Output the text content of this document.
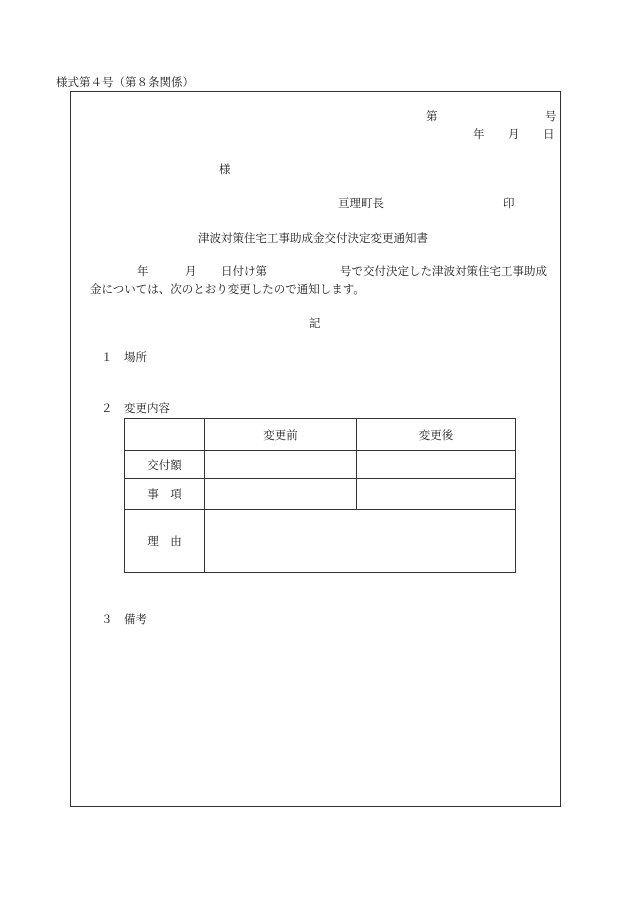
様式第４号（第８条関係）
第	号
年 月 日
様
亘理町長	印
津波対策住宅工事助成金交付決定変更通知書
年	月 日付け第	号で交付決定した津波対策住宅工事助成
金については、次のとおり変更したので通知します。
記
１ 場所
２ 変更内容
	変更前	変更後
交付額		
事　項		
理　由		
３ 備考
